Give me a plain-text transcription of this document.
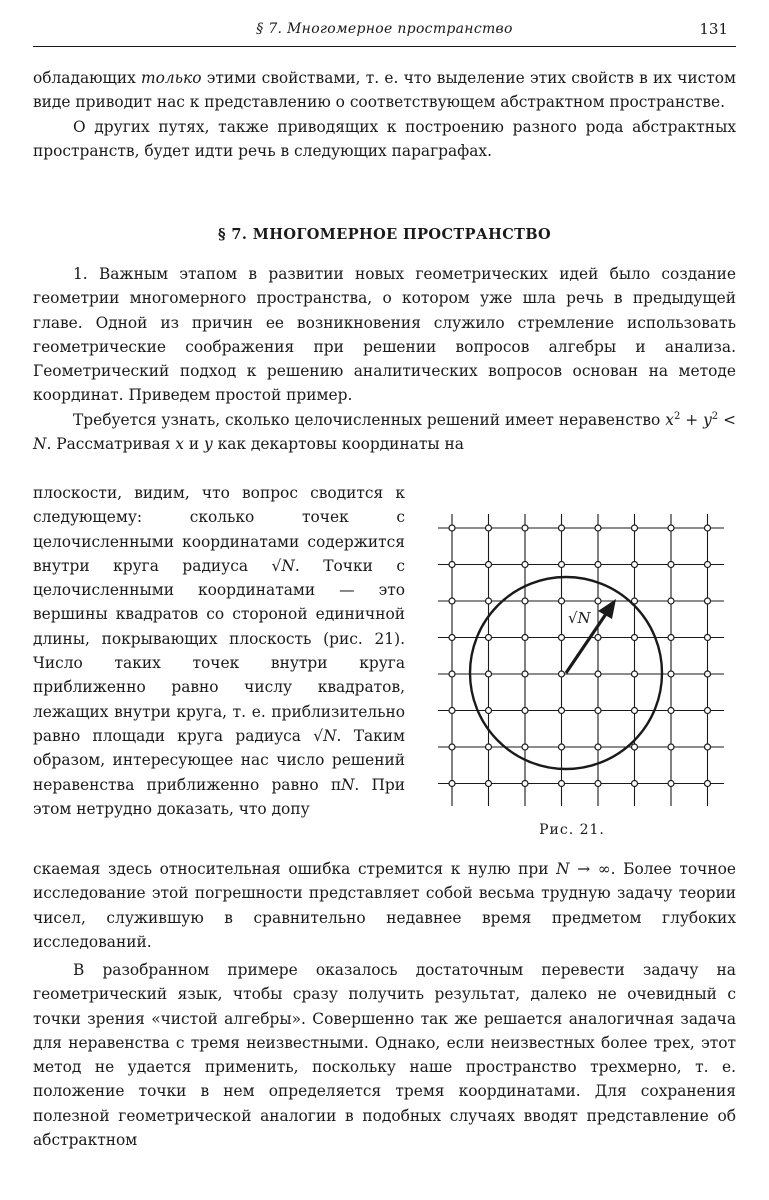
§ 7. Многомерное пространство	131

обладающих только этими свойствами, т. е. что выделение этих свойств в их чистом виде приводит нас к представлению о соответствующем абстрактном пространстве.

О других путях, также приводящих к построению разного рода абстрактных пространств, будет идти речь в следующих параграфах.

§ 7. МНОГОМЕРНОЕ ПРОСТРАНСТВО

1. Важным этапом в развитии новых геометрических идей было создание геометрии многомерного пространства, о котором уже шла речь в предыдущей главе. Одной из причин ее возникновения служило стремление использовать геометрические соображения при решении вопросов алгебры и анализа. Геометрический подход к решению аналитических вопросов основан на методе координат. Приведем простой пример.

Требуется узнать, сколько целочисленных решений имеет неравенство $x^2 + y^2 < N$. Рассматривая x и y как декартовы координаты на

плоскости, видим, что вопрос сводится к следующему: сколько точек с целочисленными координатами содержится внутри круга радиуса √N. Точки с целочисленными координатами — это вершины квадратов со стороной единичной длины, покрывающих плоскость (рис. 21). Число таких точек внутри круга приближенно равно числу квадратов, лежащих внутри круга, т. е. приблизительно равно площади круга радиуса √N. Таким образом, интересующее нас число решений неравенства приближенно равно πN. При этом нетрудно доказать, что допу

√N
Рис. 21.

скаемая здесь относительная ошибка стремится к нулю при N → ∞. Более точное исследование этой погрешности представляет собой весьма трудную задачу теории чисел, служившую в сравнительно недавнее время предметом глубоких исследований.

В разобранном примере оказалось достаточным перевести задачу на геометрический язык, чтобы сразу получить результат, далеко не очевидный с точки зрения «чистой алгебры». Совершенно так же решается аналогичная задача для неравенства с тремя неизвестными. Однако, если неизвестных более трех, этот метод не удается применить, поскольку наше пространство трехмерно, т. е. положение точки в нем определяется тремя координатами. Для сохранения полезной геометрической аналогии в подобных случаях вводят представление об абстрактном
